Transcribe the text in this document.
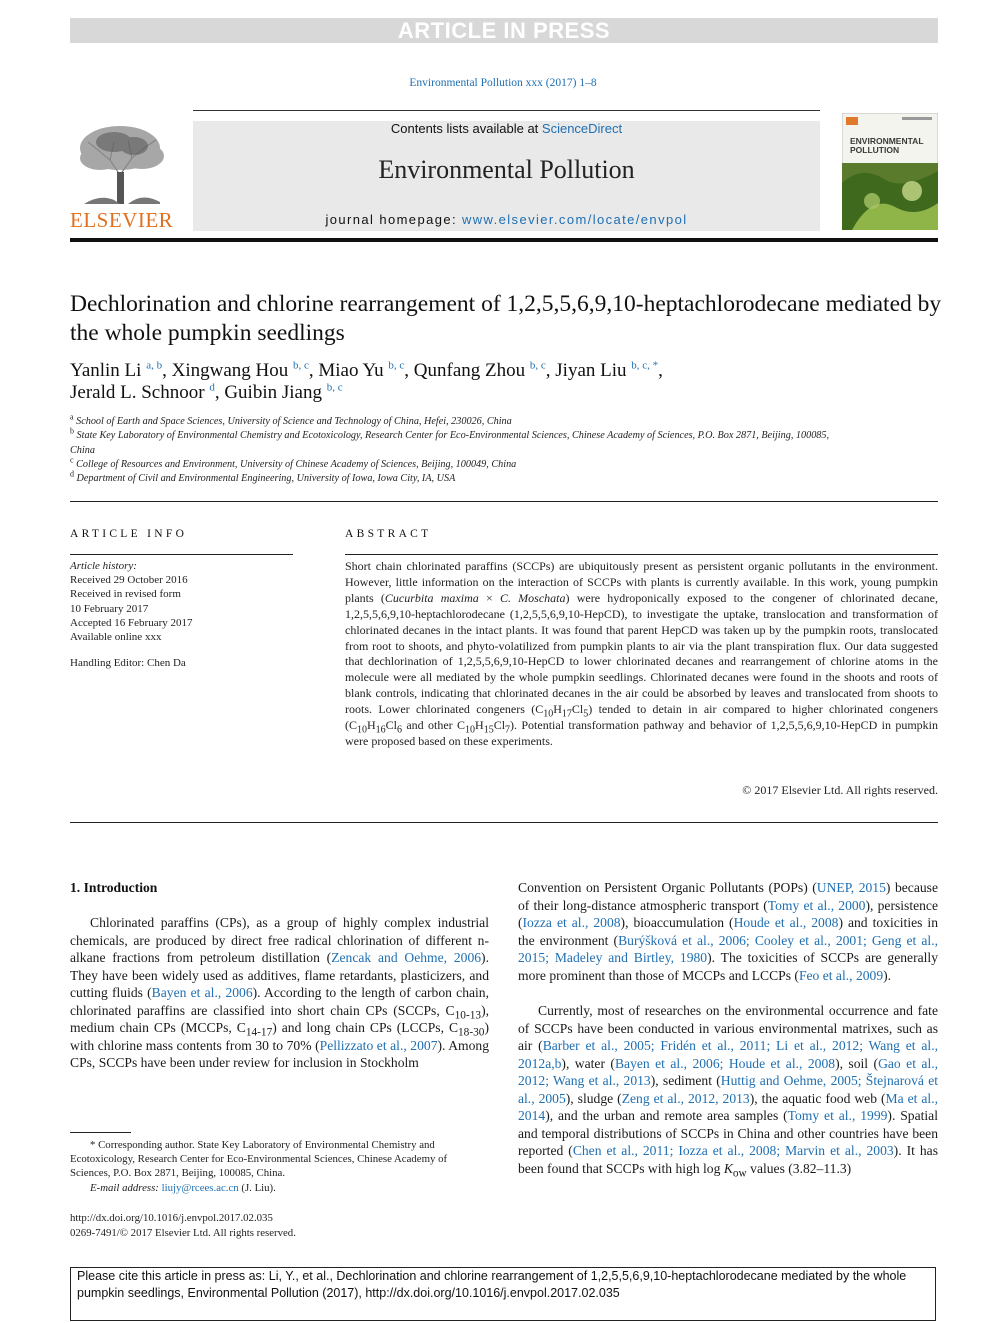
ARTICLE IN PRESS
Environmental Pollution xxx (2017) 1–8
ELSEVIER
Contents lists available at ScienceDirect
Environmental Pollution
journal homepage: www.elsevier.com/locate/envpol
ENVIRONMENTAL POLLUTION
Dechlorination and chlorine rearrangement of 1,2,5,5,6,9,10-heptachlorodecane mediated by the whole pumpkin seedlings
Yanlin Li $^{a, b}$, Xingwang Hou $^{b, c}$, Miao Yu $^{b, c}$, Qunfang Zhou $^{b, c}$, Jiyan Liu $^{b, c, *}$,
Jerald L. Schnoor $^d$, Guibin Jiang $^{b, c}$
$^a$ School of Earth and Space Sciences, University of Science and Technology of China, Hefei, 230026, China
$^b$ State Key Laboratory of Environmental Chemistry and Ecotoxicology, Research Center for Eco-Environmental Sciences, Chinese Academy of Sciences, P.O. Box 2871, Beijing, 100085, China
$^c$ College of Resources and Environment, University of Chinese Academy of Sciences, Beijing, 100049, China
$^d$ Department of Civil and Environmental Engineering, University of Iowa, Iowa City, IA, USA
ARTICLE INFO
Article history:
Received 29 October 2016
Received in revised form
10 February 2017
Accepted 16 February 2017
Available online xxx
Handling Editor: Chen Da
ABSTRACT
Short chain chlorinated paraffins (SCCPs) are ubiquitously present as persistent organic pollutants in the environment. However, little information on the interaction of SCCPs with plants is currently available. In this work, young pumpkin plants (Cucurbita maxima × C. Moschata) were hydroponically exposed to the congener of chlorinated decane, 1,2,5,5,6,9,10-heptachlorodecane (1,2,5,5,6,9,10-HepCD), to investigate the uptake, translocation and transformation of chlorinated decanes in the intact plants. It was found that parent HepCD was taken up by the pumpkin roots, translocated from root to shoots, and phyto-volatilized from pumpkin plants to air via the plant transpiration flux. Our data suggested that dechlorination of 1,2,5,5,6,9,10-HepCD to lower chlorinated decanes and rearrangement of chlorine atoms in the molecule were all mediated by the whole pumpkin seedlings. Chlorinated decanes were found in the shoots and roots of blank controls, indicating that chlorinated decanes in the air could be absorbed by leaves and translocated from shoots to roots. Lower chlorinated congeners $(C_{10}H_{17}Cl_5)$ tended to detain in air compared to higher chlorinated congeners ($C_{10}H_{16}Cl_6$ and other $C_{10}H_{15}Cl_7$). Potential transformation pathway and behavior of 1,2,5,5,6,9,10-HepCD in pumpkin were proposed based on these experiments.
© 2017 Elsevier Ltd. All rights reserved.
1. Introduction
Chlorinated paraffins (CPs), as a group of highly complex industrial chemicals, are produced by direct free radical chlorination of different n-alkane fractions from petroleum distillation (Zencak and Oehme, 2006). They have been widely used as additives, flame retardants, plasticizers, and cutting fluids (Bayen et al., 2006). According to the length of carbon chain, chlorinated paraffins are classified into short chain CPs (SCCPs, $C_{10-13}$), medium chain CPs (MCCPs, $C_{14-17}$) and long chain CPs (LCCPs, $C_{18-30}$) with chlorine mass contents from 30 to 70% (Pellizzato et al., 2007). Among CPs, SCCPs have been under review for inclusion in Stockholm
Convention on Persistent Organic Pollutants (POPs) (UNEP, 2015) because of their long-distance atmospheric transport (Tomy et al., 2000), persistence (Iozza et al., 2008), bioaccumulation (Houde et al., 2008) and toxicities in the environment (Burýšková et al., 2006; Cooley et al., 2001; Geng et al., 2015; Madeley and Birtley, 1980). The toxicities of SCCPs are generally more prominent than those of MCCPs and LCCPs (Feo et al., 2009).
Currently, most of researches on the environmental occurrence and fate of SCCPs have been conducted in various environmental matrixes, such as air (Barber et al., 2005; Fridén et al., 2011; Li et al., 2012; Wang et al., 2012a,b), water (Bayen et al., 2006; Houde et al., 2008), soil (Gao et al., 2012; Wang et al., 2013), sediment (Huttig and Oehme, 2005; Štejnarová et al., 2005), sludge (Zeng et al., 2012, 2013), the aquatic food web (Ma et al., 2014), and the urban and remote area samples (Tomy et al., 1999). Spatial and temporal distributions of SCCPs in China and other countries have been reported (Chen et al., 2011; Iozza et al., 2008; Marvin et al., 2003). It has been found that SCCPs with high $\log K_{ow}$ values (3.82–11.3)
* Corresponding author. State Key Laboratory of Environmental Chemistry and Ecotoxicology, Research Center for Eco-Environmental Sciences, Chinese Academy of Sciences, P.O. Box 2871, Beijing, 100085, China.
E-mail address: liujy@rcees.ac.cn (J. Liu).
http://dx.doi.org/10.1016/j.envpol.2017.02.035
0269-7491/© 2017 Elsevier Ltd. All rights reserved.
Please cite this article in press as: Li, Y., et al., Dechlorination and chlorine rearrangement of 1,2,5,5,6,9,10-heptachlorodecane mediated by the whole pumpkin seedlings, Environmental Pollution (2017), http://dx.doi.org/10.1016/j.envpol.2017.02.035
